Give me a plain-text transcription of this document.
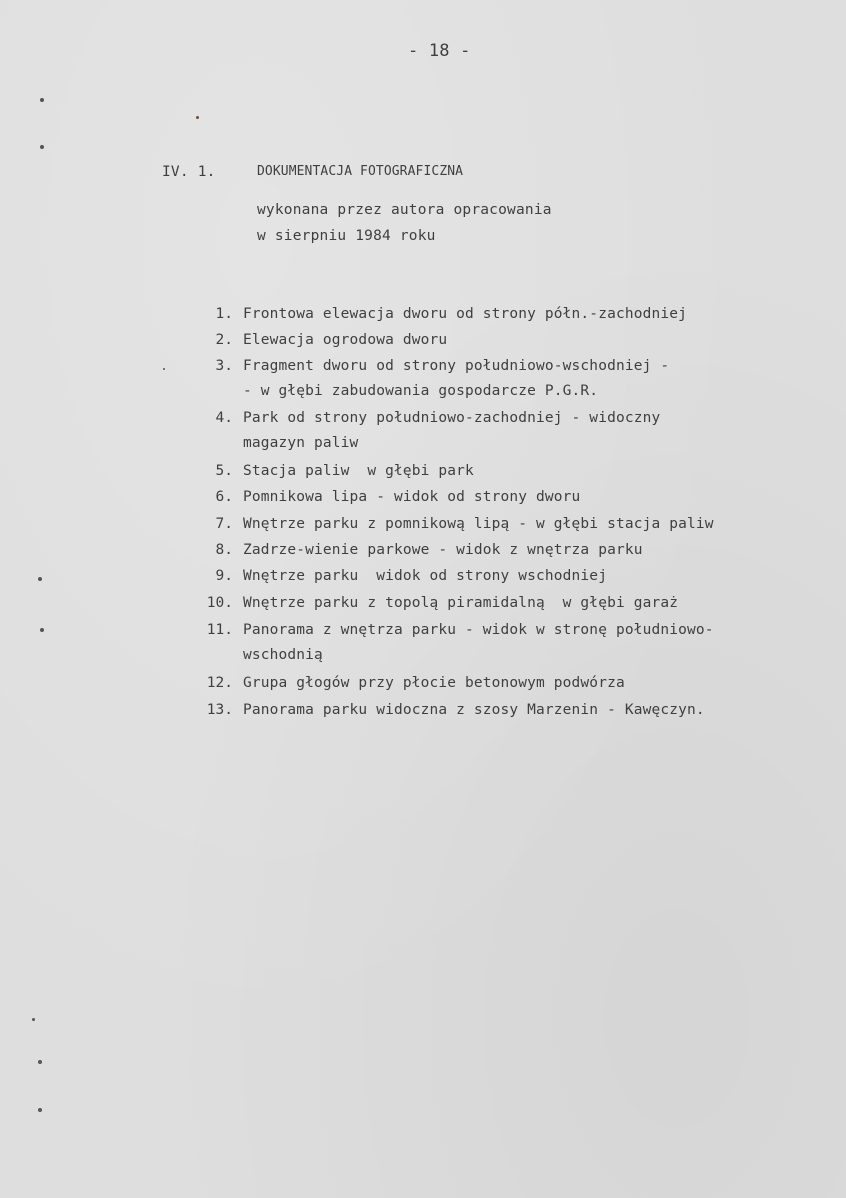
- 18 -
IV. 1.	DOKUMENTACJA FOTOGRAFICZNA
wykonana przez autora opracowania
w sierpniu 1984 roku
1. Frontowa elewacja dworu od strony półn.-zachodniej
2. Elewacja ogrodowa dworu
3. Fragment dworu od strony południowo-wschodniej -
- w głębi zabudowania gospodarcze P.G.R.
4. Park od strony południowo-zachodniej - widoczny
magazyn paliw
5. Stacja paliw  w głębi park
6. Pomnikowa lipa - widok od strony dworu
7. Wnętrze parku z pomnikową lipą - w głębi stacja paliw
8. Zadrze-wienie parkowe - widok z wnętrza parku
9. Wnętrze parku  widok od strony wschodniej
10. Wnętrze parku z topolą piramidalną  w głębi garaż
11. Panorama z wnętrza parku - widok w stronę południowo-
wschodnią
12. Grupa głogów przy płocie betonowym podwórza
13. Panorama parku widoczna z szosy Marzenin - Kawęczyn.
